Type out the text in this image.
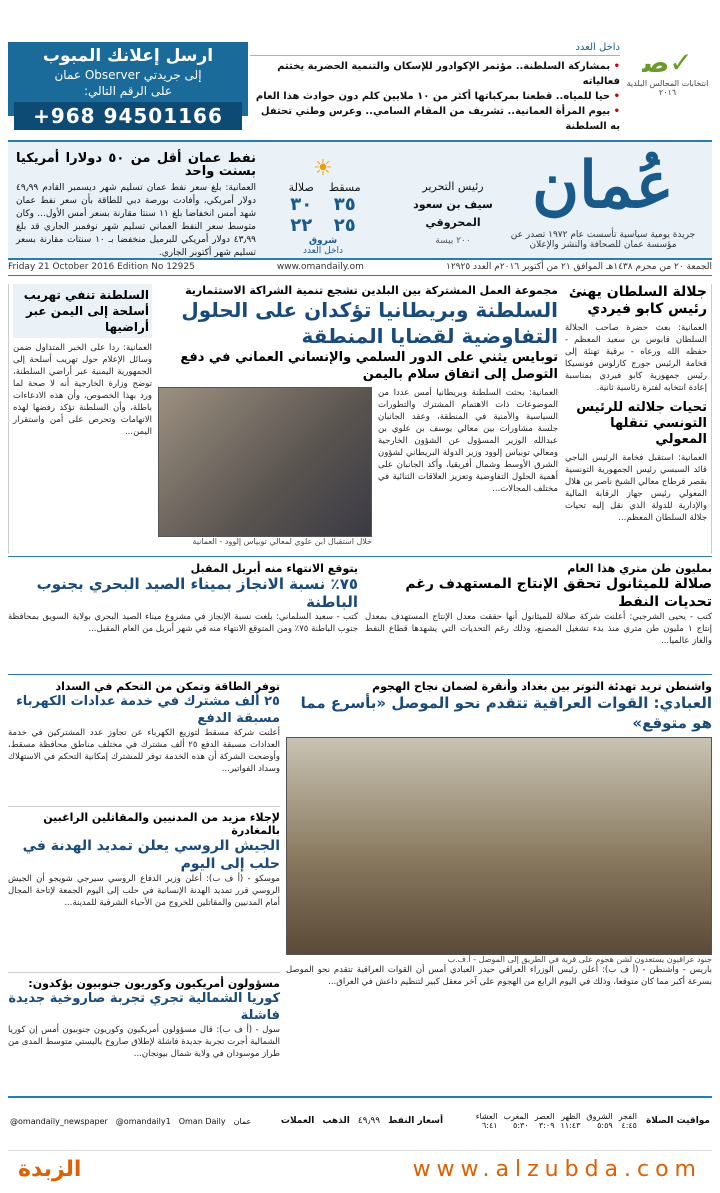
ارسل إعلانك المبوب
إلى جريدتي Observer عمان
على الرقم التالي:
+968 94501166
داخل العدد
• بمشاركة السلطنة.. مؤتمر الإكوادور للإسكان والتنمية الحضرية يختتم فعالياته
• حيا للمياه.. قطعنا بمركباتها أكثر من ١٠ ملايين كلم دون حوادث هذا العام
• بيوم المرأة العمانية.. تشريف من المقام السامي.. وعرس وطني تحتفل به السلطنة
✓ﺻ
انتخابات المجالس البلدية ٢٠١٦
عُمان
جريدة يومية سياسية تأسست عام ١٩٧٢ تصدر عن مؤسسة عمان للصحافة والنشر والإعلان
رئيس التحرير
سيف بن سعود المحروقي
٢٠٠ بيسة
☀
مسقط
٣٥
٢٥

صلالة
٣٠
٢٢
شروق
داخل العدد
نفط عمان أقل من ٥٠ دولارا أمريكيا بسنت واحد

العمانية: بلغ سعر نفط عمان تسليم شهر ديسمبر القادم ٤٩٫٩٩ دولار أمريكي، وأفادت بورصة دبي للطاقة بأن سعر نفط عمان شهد أمس انخفاضا بلغ ١١ سنتا مقارنة بسعر أمس الأول... وكان متوسط سعر النفط العماني تسليم شهر نوفمبر الجاري قد بلغ ٤٣٫٩٩ دولار أمريكي للبرميل منخفضا بـ ١٠ سنتات مقارنة بسعر تسليم شهر أكتوبر الجاري.

Friday 21 October 2016 Edition No 12925	www.omandaily.om	الجمعة ٢٠ من محرم ١٤٣٨هـ الموافق ٢١ من أكتوبر ٢٠١٦م العدد ١٢٩٢٥
جلالة السلطان يهنئ رئيس كابو فيردي

العمانية: بعث حضرة صاحب الجلالة السلطان قابوس بن سعيد المعظم - حفظه الله ورعاه - برقية تهنئة إلى فخامة الرئيس جورج كارلوس فونسيكا رئيس جمهورية كابو فيردي بمناسبة إعادة انتخابه لفترة رئاسية ثانية.

تحيات جلالته للرئيس التونسي تنقلها المعولي

العمانية: استقبل فخامة الرئيس الباجي قائد السبسي رئيس الجمهورية التونسية بقصر قرطاج معالي الشيخ ناصر بن هلال المعولي رئيس جهاز الرقابة المالية والإدارية للدولة الذي نقل إليه تحيات جلالة السلطان المعظم...

مجموعة العمل المشتركة بين البلدين تشجع تنمية الشراكة الاستثمارية
السلطنة وبريطانيا تؤكدان على الحلول التفاوضية لقضايا المنطقة
توبايس يثني على الدور السلمي والإنساني العماني في دفع التوصل إلى اتفاق سلام باليمن

العمانية: بحثت السلطنة وبريطانيا أمس عددا من الموضوعات ذات الاهتمام المشترك والتطورات السياسية والأمنية في المنطقة، وعقد الجانبان جلسة مشاورات بين معالي يوسف بن علوي بن عبدالله الوزير المسؤول عن الشؤون الخارجية ومعالي توبياس إلوود وزير الدولة البريطاني لشؤون الشرق الأوسط وشمال أفريقيا، وأكد الجانبان على أهمية الحلول التفاوضية وتعزيز العلاقات الثنائية في مختلف المجالات...

خلال استقبال ابن علوي لمعالي توبياس إلوود - العمانية
السلطنة تنفي تهريب أسلحة إلى اليمن عبر أراضيها

العمانية: ردا على الخبر المتداول ضمن وسائل الإعلام حول تهريب أسلحة إلى الجمهورية اليمنية عبر أراضي السلطنة، توضح وزارة الخارجية أنه لا صحة لما ورد بهذا الخصوص، وأن هذه الادعاءات باطلة، وأن السلطنة تؤكد رفضها لهذه الاتهامات وتحرص على أمن واستقرار اليمن...

بمليون طن متري هذا العام
صلالة للميثانول تحقق الإنتاج المستهدف رغم تحديات النفط

كتب - يحيى الشرجبي: أعلنت شركة صلالة للميثانول أنها حققت معدل الإنتاج المستهدف بمعدل إنتاج ١ مليون طن متري منذ بدء تشغيل المصنع، وذلك رغم التحديات التي يشهدها قطاع النفط والغاز عالميا...

يتوقع الانتهاء منه أبريل المقبل
٧٥٪ نسبة الانجاز بميناء الصيد البحري بجنوب الباطنة

كتب - سعيد السلماني: بلغت نسبة الإنجاز في مشروع ميناء الصيد البحري بولاية السويق بمحافظة جنوب الباطنة ٧٥٪ ومن المتوقع الانتهاء منه في شهر أبريل من العام المقبل...

واشنطن تريد تهدئة التوتر بين بغداد وأنقرة لضمان نجاح الهجوم
العبادي: القوات العراقية تتقدم نحو الموصل «بأسرع مما هو متوقع»
جنود عراقيون يستعدون لشن هجوم على قرية في الطريق إلى الموصل - أ.ف.ب

باريس - واشنطن - (أ ف ب): أعلن رئيس الوزراء العراقي حيدر العبادي أمس أن القوات العراقية تتقدم نحو الموصل بسرعة أكبر مما كان متوقعا، وذلك في اليوم الرابع من الهجوم على آخر معقل كبير لتنظيم داعش في العراق...

توفر الطاقة وتمكن من التحكم في السداد
٢٥ ألف مشترك في خدمة عدادات الكهرباء مسبقة الدفع

أعلنت شركة مسقط لتوزيع الكهرباء عن تجاوز عدد المشتركين في خدمة العدادات مسبقة الدفع ٢٥ ألف مشترك في مختلف مناطق محافظة مسقط، وأوضحت الشركة أن هذه الخدمة توفر للمشترك إمكانية التحكم في الاستهلاك وسداد الفواتير...

لإجلاء مزيد من المدنيين والمقاتلين الراغبين بالمغادرة
الجيش الروسي يعلن تمديد الهدنة في حلب إلى اليوم

موسكو - (أ ف ب): أعلن وزير الدفاع الروسي سيرجي شويجو أن الجيش الروسي قرر تمديد الهدنة الإنسانية في حلب إلى اليوم الجمعة لإتاحة المجال أمام المدنيين والمقاتلين للخروج من الأحياء الشرقية للمدينة...

مسؤولون أمريكيون وكوريون جنوبيون يؤكدون:
كوريا الشمالية تجري تجربة صاروخية جديدة فاشلة

سول - (أ ف ب): قال مسؤولون أمريكيون وكوريون جنوبيون أمس إن كوريا الشمالية أجرت تجربة جديدة فاشلة لإطلاق صاروخ باليستي متوسط المدى من طراز موسودان في ولاية شمال بيونجان...

مواقيت الصلاة
الفجر	الشروق	الظهر	العصر	المغرب	العشاء
٤:٤٥	٥:٥٩	١١:٤٣	٣:٠٩	٥:٣٠	٦:٤١
أسعار النفط
٤٩٫٩٩
الذهب
العملات
@omandaily_newspaper @omandaily1 Oman Daily عمان
www.alzubda.com
الزبدة
